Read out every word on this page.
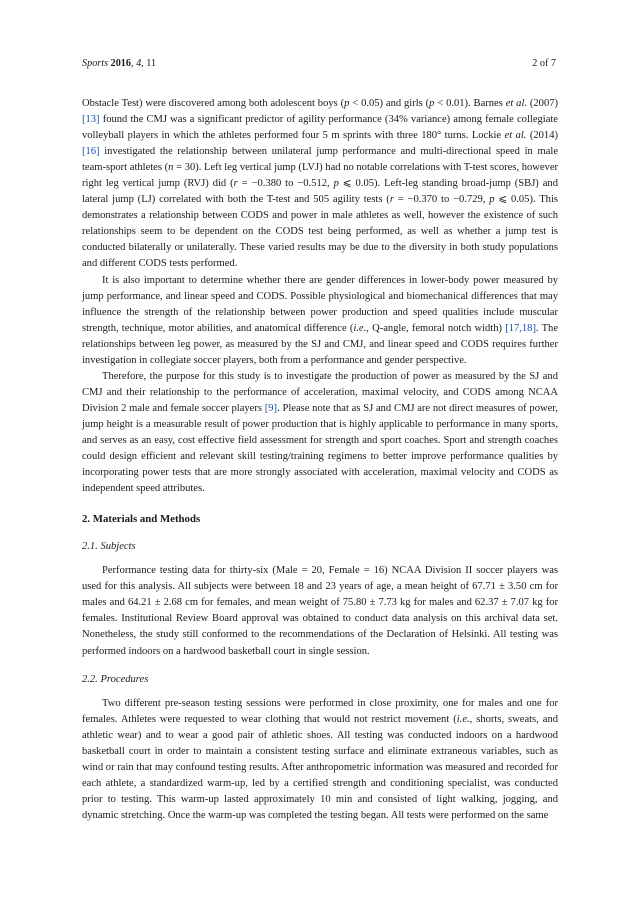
Sports 2016, 4, 11	2 of 7

Obstacle Test) were discovered among both adolescent boys (p < 0.05) and girls (p < 0.01). Barnes et al. (2007) [13] found the CMJ was a significant predictor of agility performance (34% variance) among female collegiate volleyball players in which the athletes performed four 5 m sprints with three 180° turns. Lockie et al. (2014) [16] investigated the relationship between unilateral jump performance and multi-directional speed in male team-sport athletes (n = 30). Left leg vertical jump (LVJ) had no notable correlations with T-test scores, however right leg vertical jump (RVJ) did (r = −0.380 to −0.512, p ⩽ 0.05). Left-leg standing broad-jump (SBJ) and lateral jump (LJ) correlated with both the T-test and 505 agility tests (r = −0.370 to −0.729, p ⩽ 0.05). This demonstrates a relationship between CODS and power in male athletes as well, however the existence of such relationships seem to be dependent on the CODS test being performed, as well as whether a jump test is conducted bilaterally or unilaterally. These varied results may be due to the diversity in both study populations and different CODS tests performed.

It is also important to determine whether there are gender differences in lower-body power measured by jump performance, and linear speed and CODS. Possible physiological and biomechanical differences that may influence the strength of the relationship between power production and speed qualities include muscular strength, technique, motor abilities, and anatomical difference (i.e., Q-angle, femoral notch width) [17,18]. The relationships between leg power, as measured by the SJ and CMJ, and linear speed and CODS requires further investigation in collegiate soccer players, both from a performance and gender perspective.

Therefore, the purpose for this study is to investigate the production of power as measured by the SJ and CMJ and their relationship to the performance of acceleration, maximal velocity, and CODS among NCAA Division 2 male and female soccer players [9]. Please note that as SJ and CMJ are not direct measures of power, jump height is a measurable result of power production that is highly applicable to performance in many sports, and serves as an easy, cost effective field assessment for strength and sport coaches. Sport and strength coaches could design efficient and relevant skill testing/training regimens to better improve performance qualities by incorporating power tests that are more strongly associated with acceleration, maximal velocity and CODS as independent speed attributes.

2. Materials and Methods
2.1. Subjects

Performance testing data for thirty-six (Male = 20, Female = 16) NCAA Division II soccer players was used for this analysis. All subjects were between 18 and 23 years of age, a mean height of 67.71 ± 3.50 cm for males and 64.21 ± 2.68 cm for females, and mean weight of 75.80 ± 7.73 kg for males and 62.37 ± 7.07 kg for females. Institutional Review Board approval was obtained to conduct data analysis on this archival data set. Nonetheless, the study still conformed to the recommendations of the Declaration of Helsinki. All testing was performed indoors on a hardwood basketball court in single session.

2.2. Procedures

Two different pre-season testing sessions were performed in close proximity, one for males and one for females. Athletes were requested to wear clothing that would not restrict movement (i.e., shorts, sweats, and athletic wear) and to wear a good pair of athletic shoes. All testing was conducted indoors on a hardwood basketball court in order to maintain a consistent testing surface and eliminate extraneous variables, such as wind or rain that may confound testing results. After anthropometric information was measured and recorded for each athlete, a standardized warm-up, led by a certified strength and conditioning specialist, was conducted prior to testing. This warm-up lasted approximately 10 min and consisted of light walking, jogging, and dynamic stretching. Once the warm-up was completed the testing began. All tests were performed on the same
